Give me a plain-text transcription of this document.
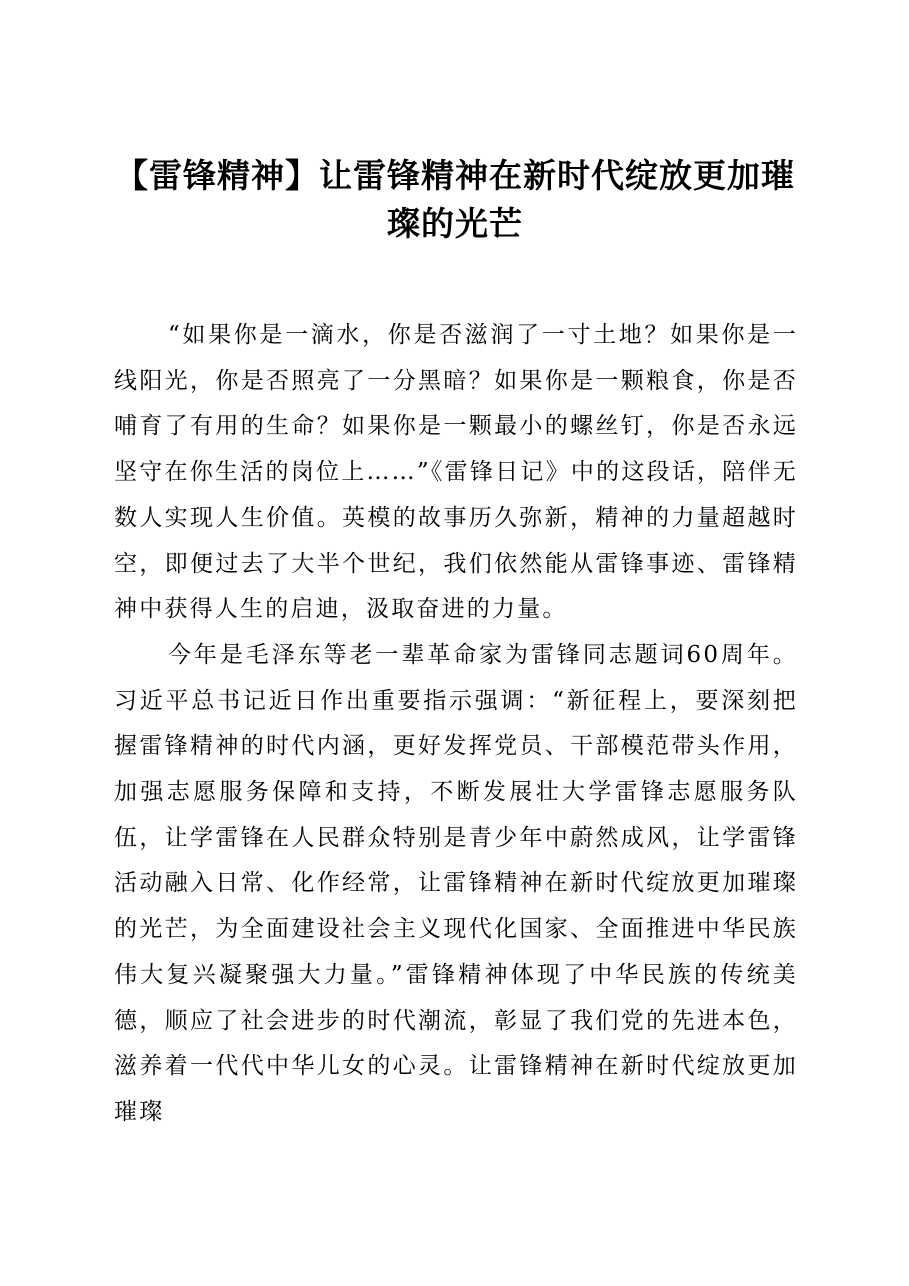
【雷锋精神】让雷锋精神在新时代绽放更加璀璨的光芒

“如果你是一滴水，你是否滋润了一寸土地？如果你是一线阳光，你是否照亮了一分黑暗？如果你是一颗粮食，你是否哺育了有用的生命？如果你是一颗最小的螺丝钉，你是否永远坚守在你生活的岗位上……”《雷锋日记》中的这段话，陪伴无数人实现人生价值。英模的故事历久弥新，精神的力量超越时空，即便过去了大半个世纪，我们依然能从雷锋事迹、雷锋精神中获得人生的启迪，汲取奋进的力量。

今年是毛泽东等老一辈革命家为雷锋同志题词60周年。习近平总书记近日作出重要指示强调：“新征程上，要深刻把握雷锋精神的时代内涵，更好发挥党员、干部模范带头作用，加强志愿服务保障和支持，不断发展壮大学雷锋志愿服务队伍，让学雷锋在人民群众特别是青少年中蔚然成风，让学雷锋活动融入日常、化作经常，让雷锋精神在新时代绽放更加璀璨的光芒，为全面建设社会主义现代化国家、全面推进中华民族伟大复兴凝聚强大力量。”雷锋精神体现了中华民族的传统美德，顺应了社会进步的时代潮流，彰显了我们党的先进本色，滋养着一代代中华儿女的心灵。让雷锋精神在新时代绽放更加璀璨
